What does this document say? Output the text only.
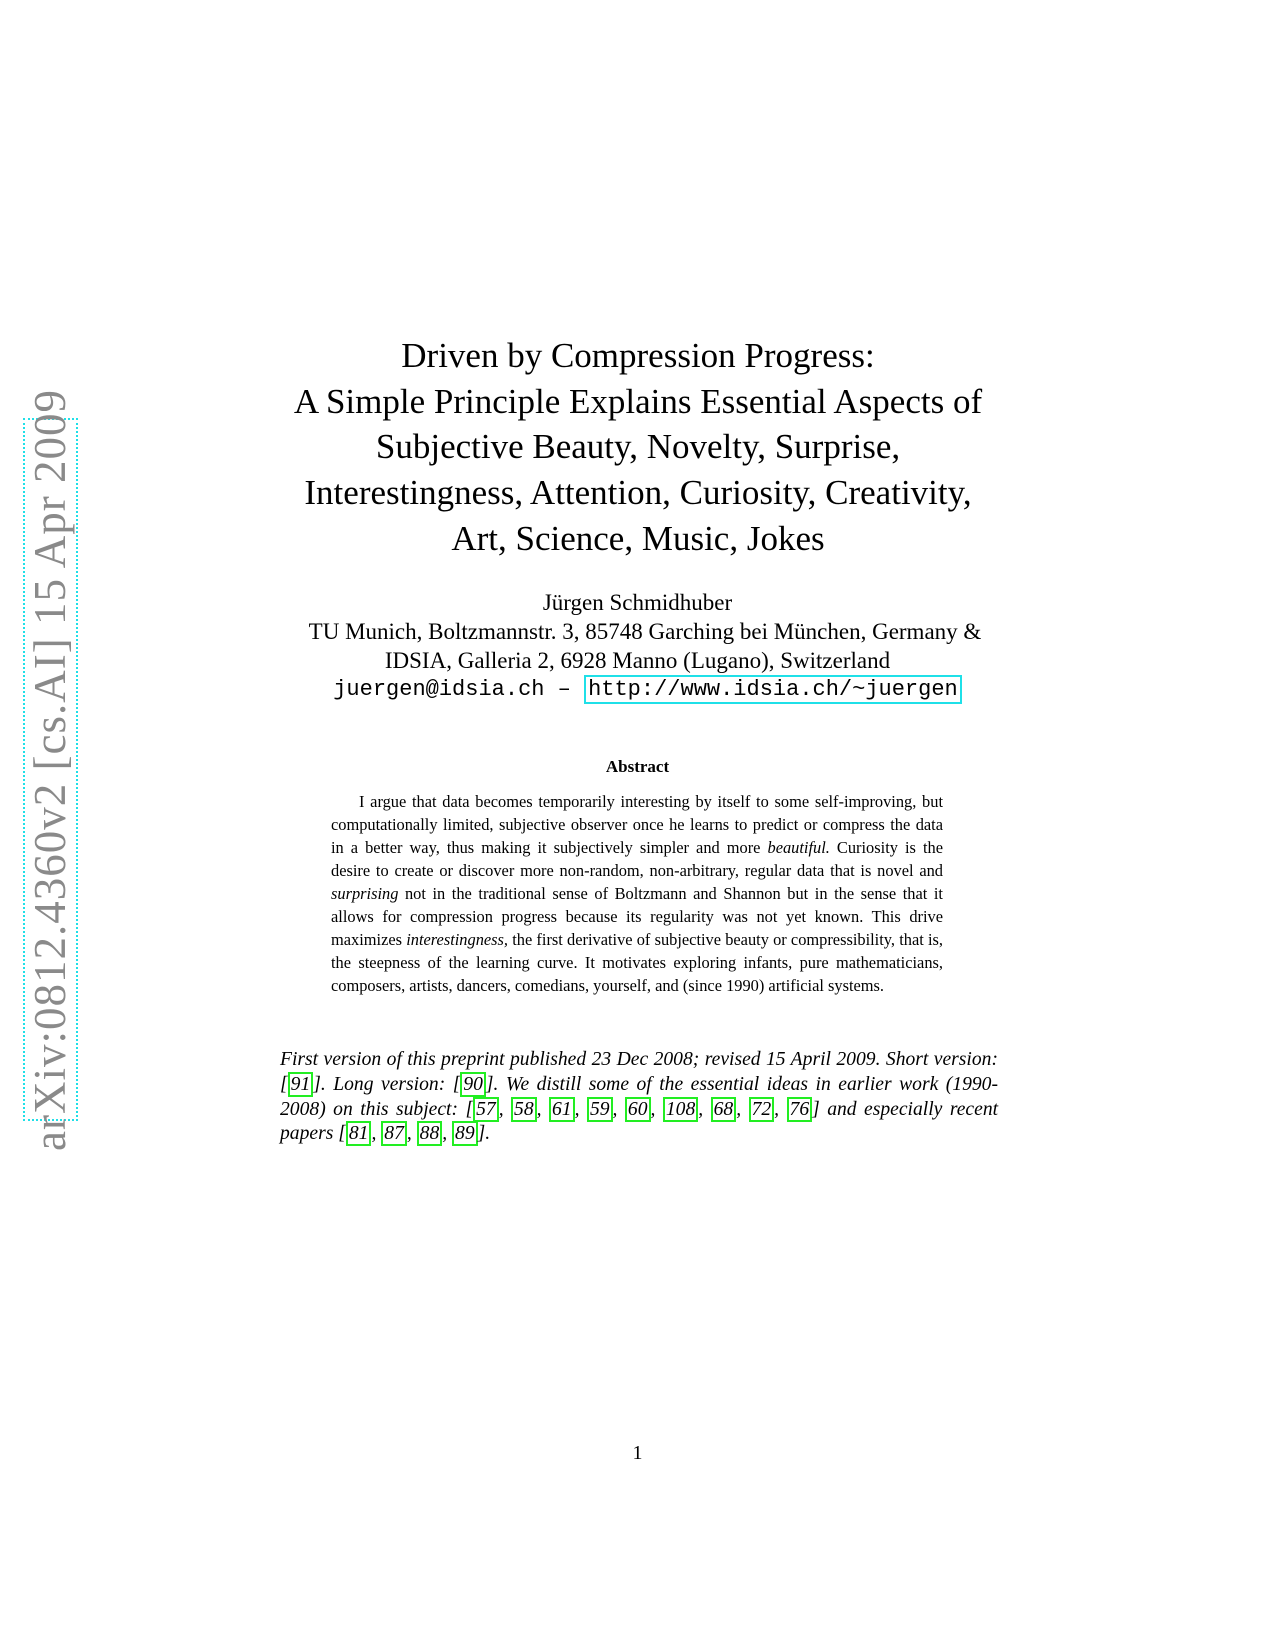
arXiv:0812.4360v2 [cs.AI] 15 Apr 2009
Driven by Compression Progress:
A Simple Principle Explains Essential Aspects of
Subjective Beauty, Novelty, Surprise,
Interestingness, Attention, Curiosity, Creativity,
Art, Science, Music, Jokes
Jürgen Schmidhuber
TU Munich, Boltzmannstr. 3, 85748 Garching bei München, Germany &
IDSIA, Galleria 2, 6928 Manno (Lugano), Switzerland
juergen@idsia.ch – http://www.idsia.ch/~juergen
Abstract
I argue that data becomes temporarily interesting by itself to some self-improving, but computationally limited, subjective observer once he learns to predict or compress the data in a better way, thus making it subjectively simpler and more beautiful. Curiosity is the desire to create or discover more non-random, non-arbitrary, regular data that is novel and surprising not in the traditional sense of Boltzmann and Shannon but in the sense that it allows for compression progress because its regularity was not yet known. This drive maximizes interestingness, the first derivative of subjective beauty or compressibility, that is, the steepness of the learning curve. It motivates exploring infants, pure mathematicians, composers, artists, dancers, comedians, yourself, and (since 1990) artificial systems.
First version of this preprint published 23 Dec 2008; revised 15 April 2009. Short version: [ 91 ]. Long version: [ 90 ]. We distill some of the essential ideas in earlier work (1990-2008) on this subject: [ 57 , 58 , 61 , 59 , 60 , 108 , 68 , 72 , 76 ] and especially recent papers [ 81 , 87 , 88 , 89 ].
1
